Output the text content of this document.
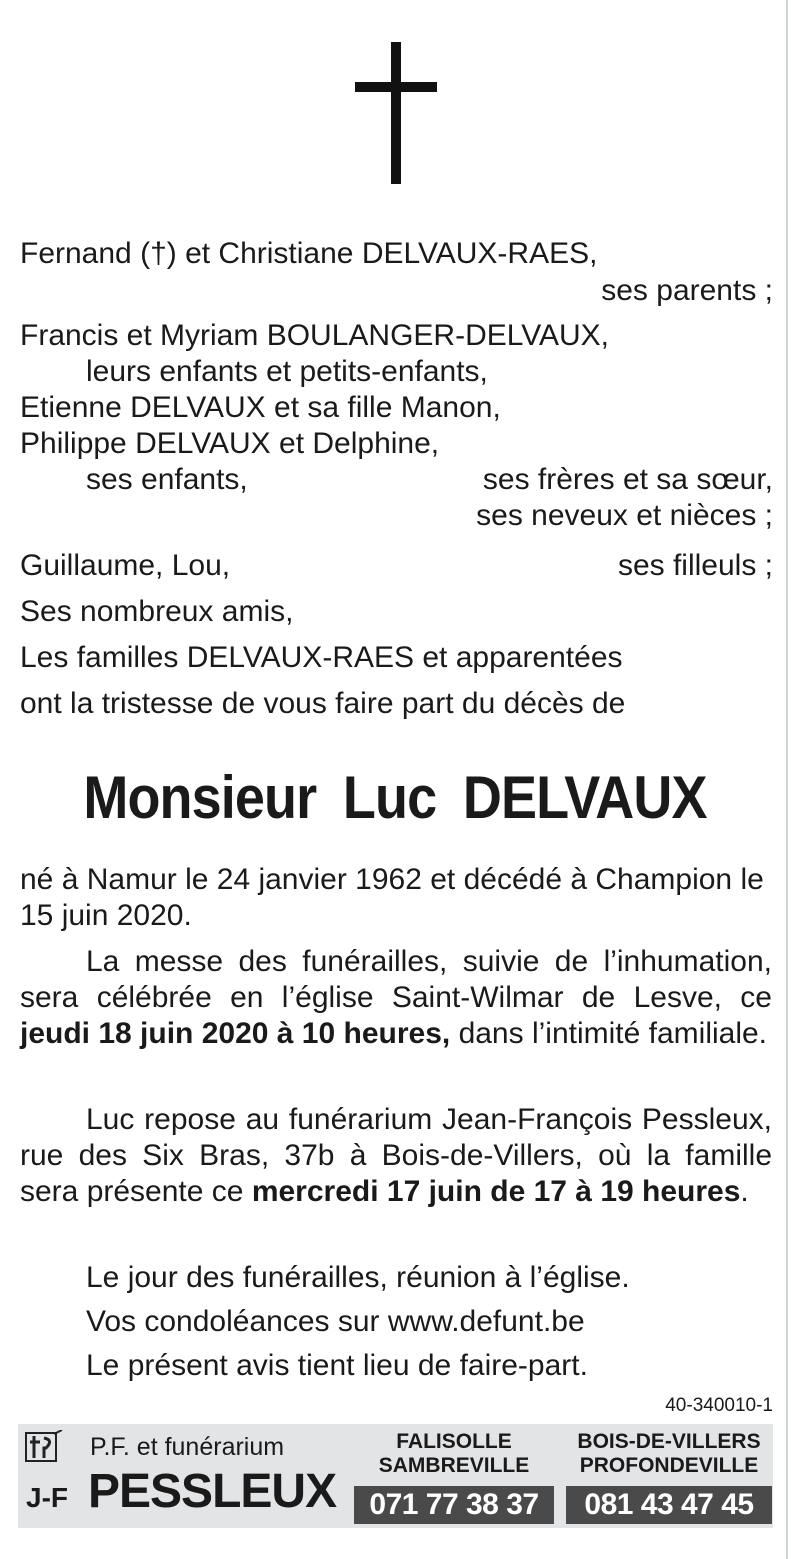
Fernand (†) et Christiane DELVAUX-RAES,
ses parents ;
Francis et Myriam BOULANGER-DELVAUX,
leurs enfants et petits-enfants,
Etienne DELVAUX et sa fille Manon,
Philippe DELVAUX et Delphine,
ses enfants,	ses frères et sa sœur,
ses neveux et nièces ;
Guillaume, Lou,	ses filleuls ;
Ses nombreux amis,
Les familles DELVAUX-RAES et apparentées
ont la tristesse de vous faire part du décès de
Monsieur Luc DELVAUX
né à Namur le 24 janvier 1962 et décédé à Champion le 15 juin 2020.
La messe des funérailles, suivie de l’inhumation, sera célébrée en l’église Saint-Wilmar de Lesve, ce jeudi 18 juin 2020 à 10 heures, dans l’intimité familiale.
Luc repose au funérarium Jean-François Pessleux, rue des Six Bras, 37b à Bois-de-Villers, où la famille sera présente ce mercredi 17 juin de 17 à 19 heures.
Le jour des funérailles, réunion à l’église.
Vos condoléances sur www.defunt.be
Le présent avis tient lieu de faire-part.
40-340010-1
P.F. et funérarium
J-F PESSLEUX
FALISOLLE
SAMBREVILLE
071 77 38 37
BOIS-DE-VILLERS
PROFONDEVILLE
081 43 47 45
